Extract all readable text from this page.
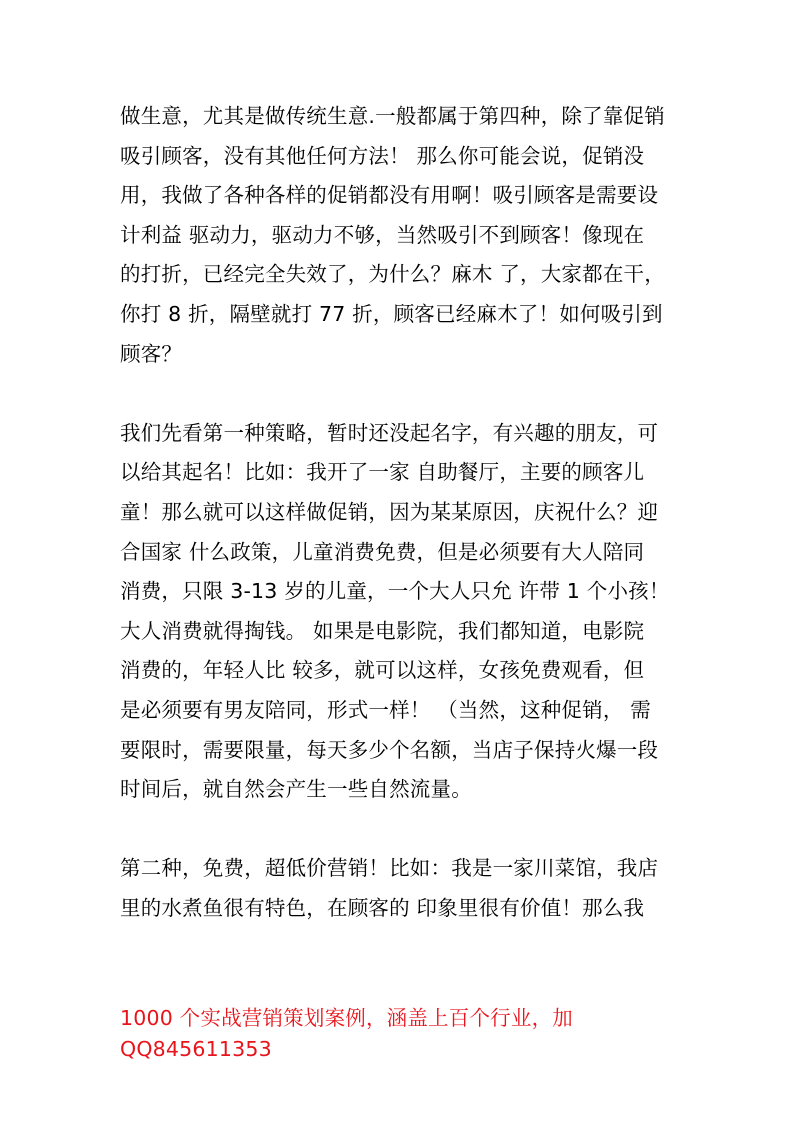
做生意，尤其是做传统生意.一般都属于第四种，除了靠促销
吸引顾客，没有其他任何方法！ 那么你可能会说，促销没
用，我做了各种各样的促销都没有用啊！吸引顾客是需要设
计利益 驱动力，驱动力不够，当然吸引不到顾客！像现在
的打折，已经完全失效了，为什么？麻木 了，大家都在干，
你打 8 折，隔壁就打 77 折，顾客已经麻木了！如何吸引到
顾客？

我们先看第一种策略，暂时还没起名字，有兴趣的朋友，可
以给其起名！比如：我开了一家 自助餐厅，主要的顾客儿
童！那么就可以这样做促销，因为某某原因，庆祝什么？迎
合国家 什么政策，儿童消费免费，但是必须要有大人陪同
消费，只限 3-13 岁的儿童，一个大人只允 许带 1 个小孩！
大人消费就得掏钱。 如果是电影院，我们都知道，电影院
消费的，年轻人比 较多，就可以这样，女孩免费观看，但
是必须要有男友陪同，形式一样！ （当然，这种促销， 需
要限时，需要限量，每天多少个名额，当店子保持火爆一段
时间后，就自然会产生一些自然流量。

第二种，免费，超低价营销！比如：我是一家川菜馆，我店
里的水煮鱼很有特色，在顾客的 印象里很有价值！那么我

1000 个实战营销策划案例，涵盖上百个行业，加
QQ845611353
